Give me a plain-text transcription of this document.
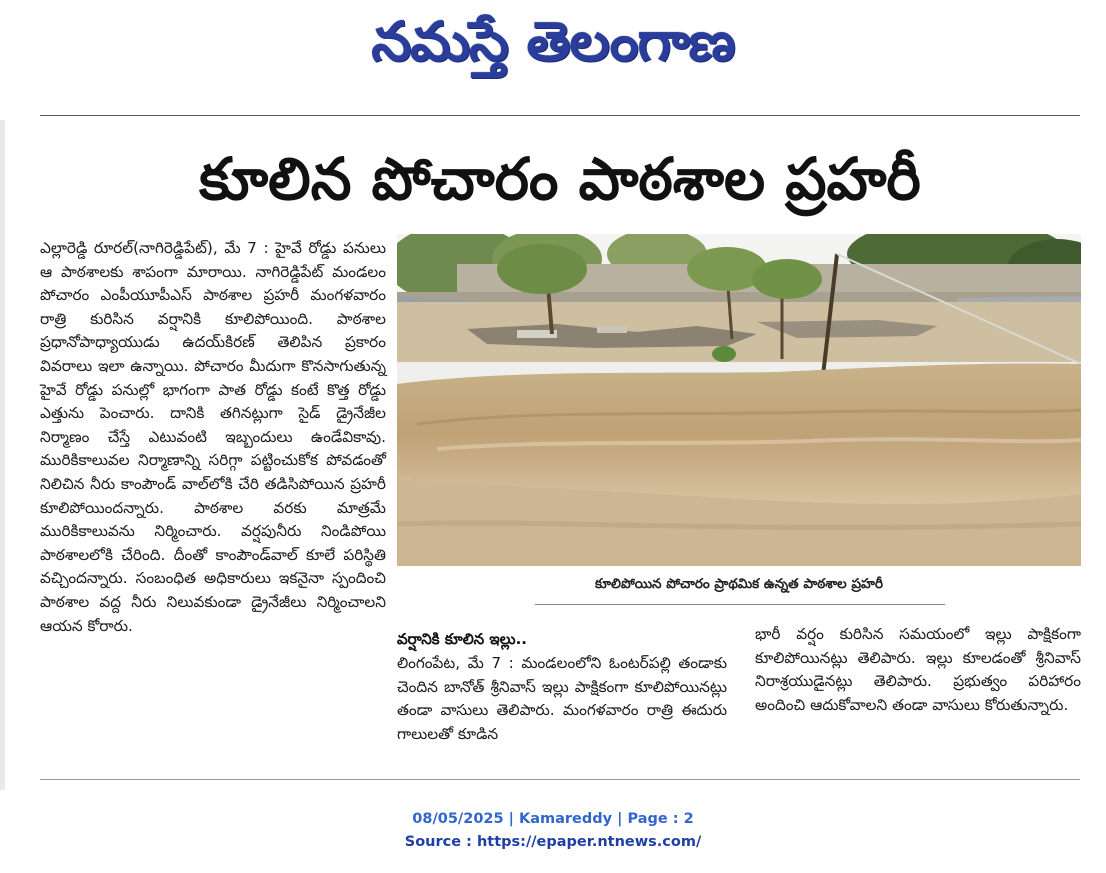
నమస్తే తెలంగాణ
కూలిన పోచారం పాఠశాల ప్రహరీ

ఎల్లారెడ్డి రూరల్(నాగిరెడ్డిపేట్), మే 7 : హైవే రోడ్డు పనులు ఆ పాఠశాలకు శాపంగా మారాయి. నాగిరెడ్డిపేట్ మండలం పోచారం ఎంపీయూపీఎస్ పాఠశాల ప్రహరీ మంగళవారం రాత్రి కురిసిన వర్షానికి కూలిపోయింది. పాఠశాల ప్రధానోపాధ్యాయుడు ఉదయ్‌కిరణ్ తెలిపిన ప్రకారం వివరాలు ఇలా ఉన్నాయి. పోచారం మీదుగా కొనసాగుతున్న హైవే రోడ్డు పనుల్లో భాగంగా పాత రోడ్డు కంటే కొత్త రోడ్డు ఎత్తును పెంచారు. దానికి తగినట్లుగా సైడ్ డ్రైనేజీల నిర్మాణం చేస్తే ఎటువంటి ఇబ్బందులు ఉండేవికావు. మురికికాలువల నిర్మాణాన్ని సరిగ్గా పట్టించుకోక పోవడంతో నిలిచిన నీరు కాంపౌండ్ వాల్‌లోకి చేరి తడిసిపోయిన ప్రహరీ కూలిపోయిందన్నారు. పాఠశాల వరకు మాత్రమే మురికికాలువను నిర్మించారు. వర్షపునీరు నిండిపోయి పాఠశాలలోకి చేరింది. దీంతో కాంపౌండ్‌వాల్ కూలే పరిస్థితి వచ్చిందన్నారు. సంబంధిత అధికారులు ఇకనైనా స్పందించి పాఠశాల వద్ద నీరు నిలువకుండా డ్రైనేజీలు నిర్మించాలని ఆయన కోరారు.

కూలిపోయిన పోచారం ప్రాథమిక ఉన్నత పాఠశాల ప్రహరీ
వర్షానికి కూలిన ఇల్లు..

లింగంపేట, మే 7 : మండలంలోని ఓంటర్‌పల్లి తండాకు చెందిన బానోత్ శ్రీనివాస్ ఇల్లు పాక్షికంగా కూలిపోయినట్లు తండా వాసులు తెలిపారు. మంగళవారం రాత్రి ఈదురు గాలులతో కూడిన

భారీ వర్షం కురిసిన సమయంలో ఇల్లు పాక్షికంగా కూలిపోయినట్లు తెలిపారు. ఇల్లు కూలడంతో శ్రీనివాస్ నిరాశ్రయుడైనట్లు తెలిపారు. ప్రభుత్వం పరిహారం అందించి ఆదుకోవాలని తండా వాసులు కోరుతున్నారు.

08/05/2025 | Kamareddy | Page : 2
Source : https://epaper.ntnews.com/
